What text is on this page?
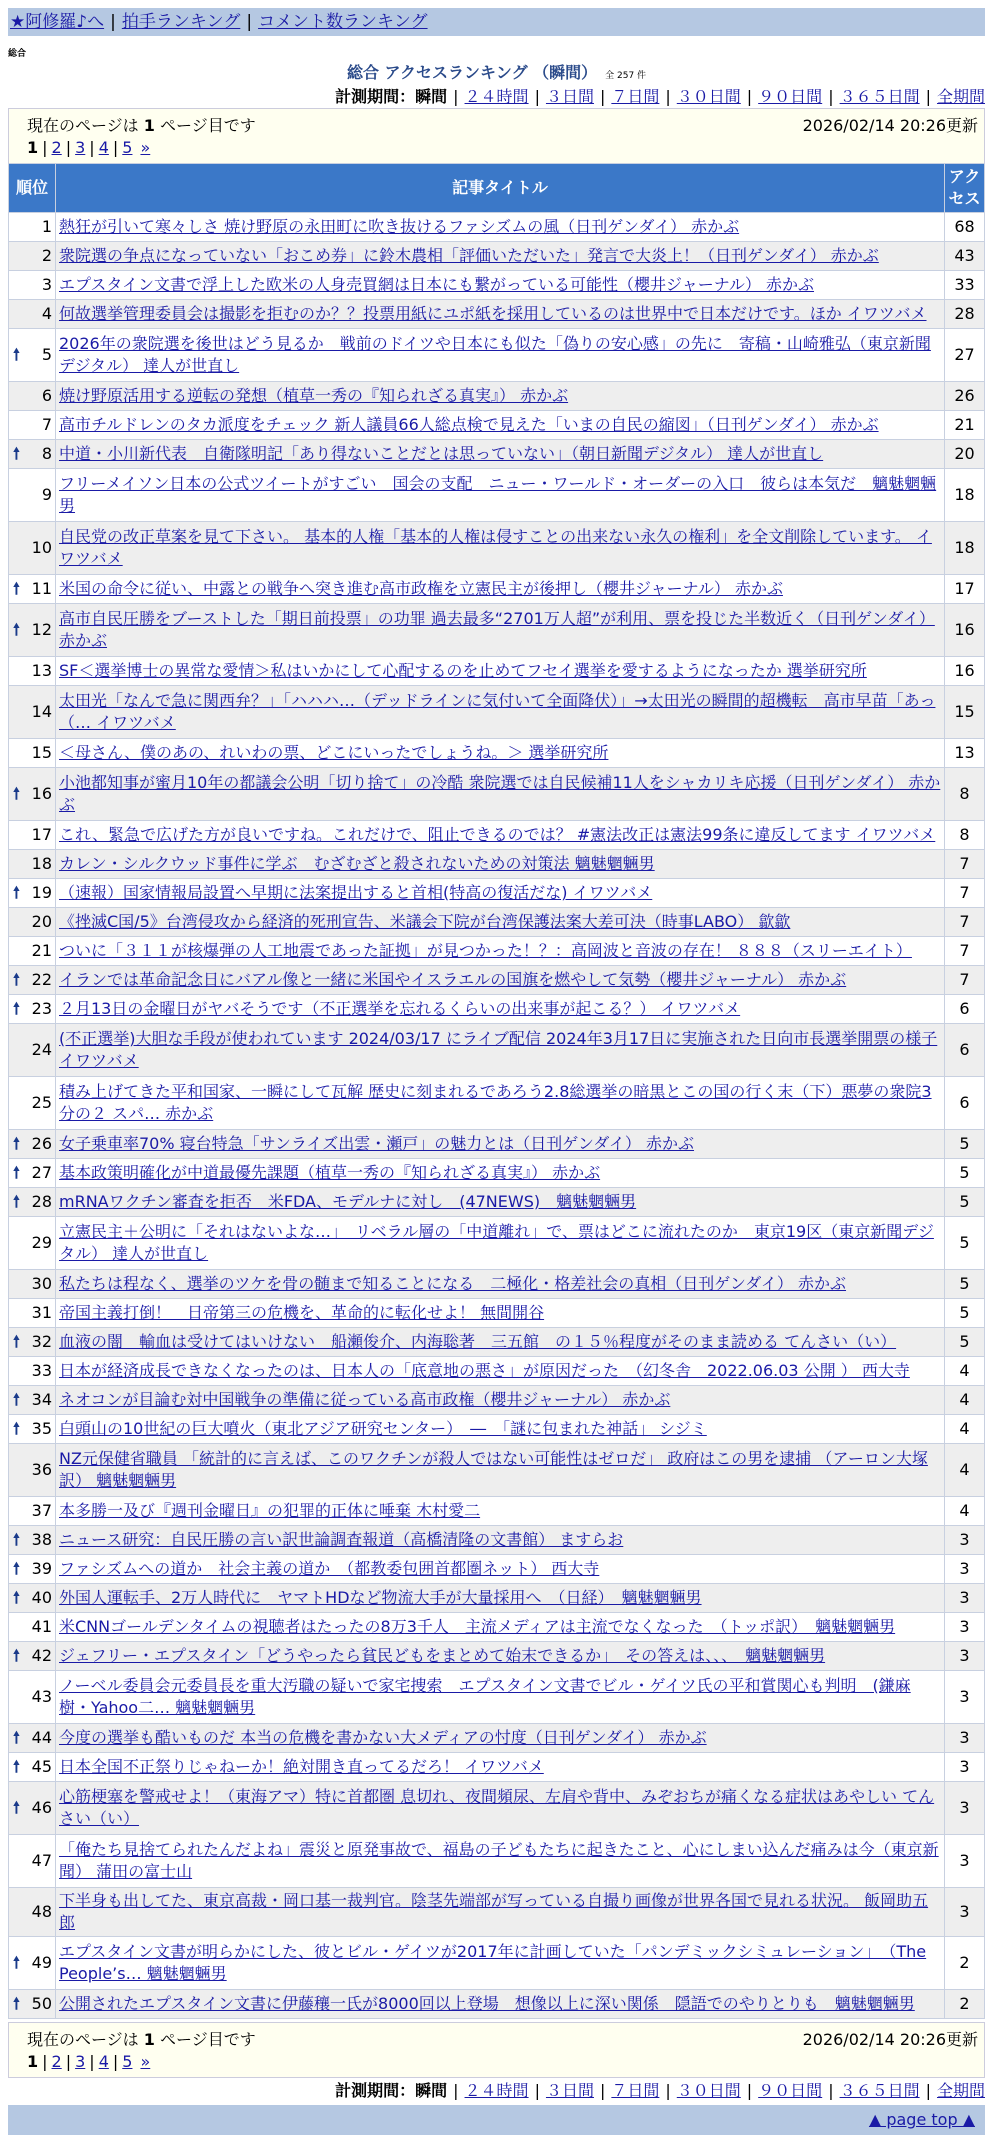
★阿修羅♪へ | 拍手ランキング | コメント数ランキング
総合
総合 アクセスランキング （瞬間） 全 257 件
計測期間：瞬間 | ２４時間 | ３日間 | ７日間 | ３０日間 | ９０日間 | ３６５日間 | 全期間
現在のページは 1 ページ目です	2026/02/14 20:26更新
1 | 2 | 3 | 4 | 5 »
順位	記事タイトル	アクセス
1	熱狂が引いて寒々しさ 焼け野原の永田町に吹き抜けるファシズムの風（日刊ゲンダイ） 赤かぶ	68
2	衆院選の争点になっていない「おこめ券」に鈴木農相「評価いただいた」発言で大炎上！（日刊ゲンダイ） 赤かぶ	43
3	エプスタイン文書で浮上した欧米の人身売買網は日本にも繋がっている可能性（櫻井ジャーナル） 赤かぶ	33
4	何故選挙管理委員会は撮影を拒むのか？？投票用紙にユポ紙を採用しているのは世界中で日本だけです。ほか イワツバメ	28

🠕 5	2026年の衆院選を後世はどう見るか　戦前のドイツや日本にも似た「偽りの安心感」の先に　寄稿・山崎雅弘（東京新聞デジタル） 達人が世直し	27
6	焼け野原活用する逆転の発想（植草一秀の『知られざる真実』） 赤かぶ	26
7	高市チルドレンのタカ派度をチェック 新人議員66人総点検で見えた「いまの自民の縮図」（日刊ゲンダイ） 赤かぶ	21

🠕 8	中道・小川新代表　自衛隊明記「あり得ないことだとは思っていない」（朝日新聞デジタル） 達人が世直し	20
9	フリーメイソン日本の公式ツイートがすごい　国会の支配　ニュー・ワールド・オーダーの入口　彼らは本気だ　魑魅魍魎男	18
10	自民党の改正草案を見て下さい。 基本的人権「基本的人権は侵すことの出来ない永久の権利」を全文削除しています。 イワツバメ	18

🠕 11	米国の命令に従い、中露との戦争へ突き進む高市政権を立憲民主が後押し（櫻井ジャーナル） 赤かぶ	17

🠕 12	高市自民圧勝をブーストした「期日前投票」の功罪 過去最多“2701万人超”が利用、票を投じた半数近く（日刊ゲンダイ） 赤かぶ	16
13	SF＜選挙博士の異常な愛情＞私はいかにして心配するのを止めてフセイ選挙を愛するようになったか 選挙研究所	16
14	太田光「なんで急に関西弁？」「ハハハ…（デッドラインに気付いて全面降伏）」→太田光の瞬間的超機転　高市早苗「あっ（… イワツバメ	15
15	＜母さん、僕のあの、れいわの票、どこにいったでしょうね。＞ 選挙研究所	13

🠕 16	小池都知事が蜜月10年の都議会公明「切り捨て」の冷酷 衆院選では自民候補11人をシャカリキ応援（日刊ゲンダイ） 赤かぶ	8
17	これ、緊急で広げた方が良いですね。これだけで、阻止できるのでは？ #憲法改正は憲法99条に違反してます イワツバメ	8
18	カレン・シルクウッド事件に学ぶ　むざむざと殺されないための対策法 魑魅魍魎男	7

🠕 19	（速報）国家情報局設置へ早期に法案提出すると首相(特高の復活だな) イワツバメ	7
20	《挫滅C国/5》台湾侵攻から経済的死刑宣告、米議会下院が台湾保護法案大差可決（時事LABO） 歙歙	7
21	ついに「３１１が核爆弾の人工地震であった証拠」が見つかった！？：高岡波と音波の存在！ ８８８（スリーエイト）	7

🠕 22	イランでは革命記念日にバアル像と一緒に米国やイスラエルの国旗を燃やして気勢（櫻井ジャーナル） 赤かぶ	7

🠕 23	２月13日の金曜日がヤバそうです（不正選挙を忘れるくらいの出来事が起こる？） イワツバメ	6
24	(不正選挙)大胆な手段が使われています 2024/03/17 にライブ配信 2024年3月17日に実施された日向市長選挙開票の様子 イワツバメ	6
25	積み上げてきた平和国家、一瞬にして瓦解 歴史に刻まれるであろう2.8総選挙の暗黒とこの国の行く末（下）悪夢の衆院3分の２ スパ… 赤かぶ	6

🠕 26	女子乗車率70% 寝台特急「サンライズ出雲・瀬戸」の魅力とは（日刊ゲンダイ） 赤かぶ	5

🠕 27	基本政策明確化が中道最優先課題（植草一秀の『知られざる真実』） 赤かぶ	5

🠕 28	mRNAワクチン審査を拒否　米FDA、モデルナに対し　(47NEWS)　魑魅魍魎男	5
29	立憲民主＋公明に「それはないよな…」　リベラル層の「中道離れ」で、票はどこに流れたのか　東京19区（東京新聞デジタル） 達人が世直し	5
30	私たちは程なく、選挙のツケを骨の髄まで知ることになる　二極化・格差社会の真相（日刊ゲンダイ） 赤かぶ	5
31	帝国主義打倒！　日帝第三の危機を、革命的に転化せよ！ 無間開谷	5

🠕 32	血液の闇　輸血は受けてはいけない　船瀬俊介、内海聡著　三五館　の１５％程度がそのまま読める てんさい（い）	5
33	日本が経済成長できなくなったのは、日本人の「底意地の悪さ」が原因だった　（幻冬舎　2022.06.03 公開 ） 西大寺	4

🠕 34	ネオコンが目論む対中国戦争の準備に従っている高市政権（櫻井ジャーナル） 赤かぶ	4

🠕 35	白頭山の10世紀の巨大噴火（東北アジア研究センター）　―　「謎に包まれた神話」 シジミ	4
36	NZ元保健省職員 「統計的に言えば、このワクチンが殺人ではない可能性はゼロだ」 政府はこの男を逮捕 （アーロン大塚訳） 魑魅魍魎男	4
37	本多勝一及び『週刊金曜日』の犯罪的正体に唾棄 木村愛二	4

🠕 38	ニュース研究：自民圧勝の言い訳世論調査報道（高橋清隆の文書館） ますらお	3

🠕 39	ファシズムへの道か　社会主義の道か　（都教委包囲首都圏ネット） 西大寺	3

🠕 40	外国人運転手、2万人時代に　ヤマトHDなど物流大手が大量採用へ　（日経）　魑魅魍魎男	3
41	米CNNゴールデンタイムの視聴者はたったの8万3千人　主流メディアは主流でなくなった　（トッポ訳）　魑魅魍魎男	3

🠕 42	ジェフリー・エプスタイン「どうやったら貧民どもをまとめて始末できるか」　その答えは、、、　魑魅魍魎男	3
43	ノーベル委員会元委員長を重大汚職の疑いで家宅捜索　エプスタイン文書でビル・ゲイツ氏の平和賞関心も判明　(鎌麻樹・Yahoo二… 魑魅魍魎男	3

🠕 44	今度の選挙も酷いものだ 本当の危機を書かない大メディアの忖度（日刊ゲンダイ） 赤かぶ	3

🠕 45	日本全国不正祭りじゃねーか！絶対開き直ってるだろ！ イワツバメ	3

🠕 46	心筋梗塞を警戒せよ！（東海アマ）特に首都圏 息切れ、夜間頻尿、左肩や背中、みぞおちが痛くなる症状はあやしい てんさい（い）	3
47	「俺たち見捨てられたんだよね」震災と原発事故で、福島の子どもたちに起きたこと、心にしまい込んだ痛みは今（東京新聞） 蒲田の富士山	3
48	下半身も出してた、東京高裁・岡口基一裁判官。陰茎先端部が写っている自撮り画像が世界各国で見れる状況。 飯岡助五郎	3

🠕 49	エプスタイン文書が明らかにした、彼とビル・ゲイツが2017年に計画していた「パンデミックシミュレーション」　（The People’s… 魑魅魍魎男	2

🠕 50	公開されたエプスタイン文書に伊藤穰一氏が8000回以上登場　想像以上に深い関係　隠語でのやりとりも　魑魅魍魎男	2
現在のページは 1 ページ目です	2026/02/14 20:26更新
1 | 2 | 3 | 4 | 5 »
計測期間：瞬間 | ２４時間 | ３日間 | ７日間 | ３０日間 | ９０日間 | ３６５日間 | 全期間
▲ page top ▲
